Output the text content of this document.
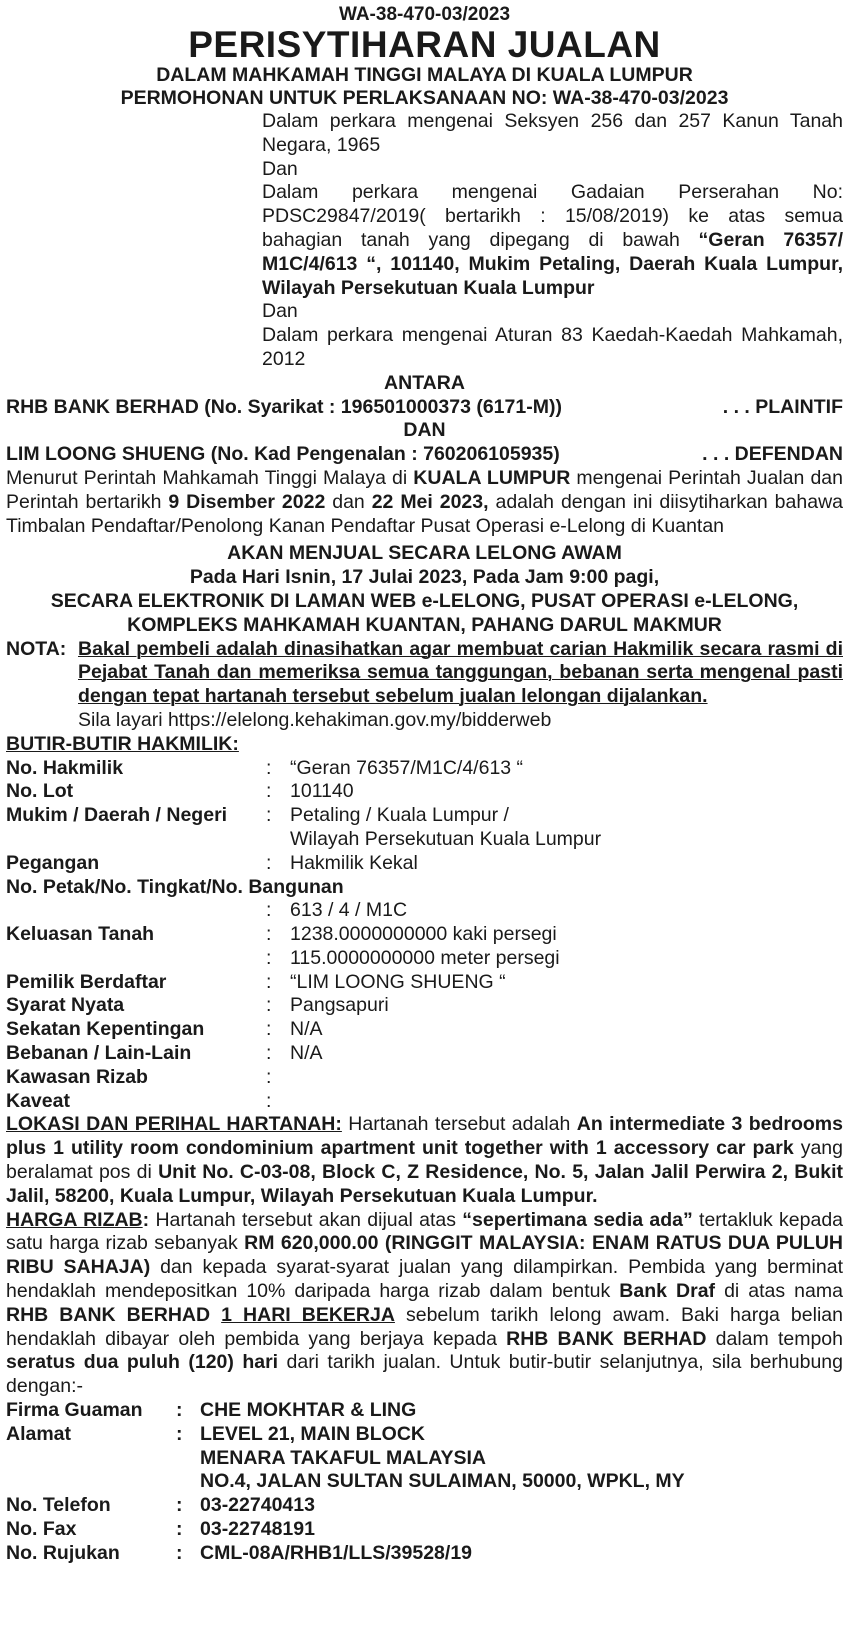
WA-38-470-03/2023
PERISYTIHARAN JUALAN
DALAM MAHKAMAH TINGGI MALAYA DI KUALA LUMPUR
PERMOHONAN UNTUK PERLAKSANAAN NO: WA-38-470-03/2023

Dalam perkara mengenai Seksyen 256 dan 257 Kanun Tanah Negara, 1965

Dan

Dalam perkara mengenai Gadaian Perserahan No: PDSC29847/2019( bertarikh : 15/08/2019) ke atas semua bahagian tanah yang dipegang di bawah “Geran 76357/ M1C/4/613 “, 101140, Mukim Petaling, Daerah Kuala Lumpur, Wilayah Persekutuan Kuala Lumpur

Dan

Dalam perkara mengenai Aturan 83 Kaedah-Kaedah Mahkamah, 2012

ANTARA
RHB BANK BERHAD (No. Syarikat : 196501000373 (6171-M))	. . . PLAINTIF
DAN
LIM LOONG SHUENG (No. Kad Pengenalan : 760206105935)	. . . DEFENDAN

Menurut Perintah Mahkamah Tinggi Malaya di KUALA LUMPUR mengenai Perintah Jualan dan Perintah bertarikh 9 Disember 2022 dan 22 Mei 2023, adalah dengan ini diisytiharkan bahawa Timbalan Pendaftar/Penolong Kanan Pendaftar Pusat Operasi e-Lelong di Kuantan

AKAN MENJUAL SECARA LELONG AWAM
Pada Hari Isnin, 17 Julai 2023, Pada Jam 9:00 pagi,
SECARA ELEKTRONIK DI LAMAN WEB e-LELONG, PUSAT OPERASI e-LELONG,
KOMPLEKS MAHKAMAH KUANTAN, PAHANG DARUL MAKMUR
NOTA: Bakal pembeli adalah dinasihatkan agar membuat carian Hakmilik secara rasmi di Pejabat Tanah dan memeriksa semua tanggungan, bebanan serta mengenal pasti dengan tepat hartanah tersebut sebelum jualan lelongan dijalankan.
Sila layari https://elelong.kehakiman.gov.my/bidderweb
BUTIR-BUTIR HAKMILIK:
No. Hakmilik	: “Geran 76357/M1C/4/613 “
No. Lot	: 101140
Mukim / Daerah / Negeri	: Petaling / Kuala Lumpur /
Wilayah Persekutuan Kuala Lumpur
Pegangan	: Hakmilik Kekal
No. Petak/No. Tingkat/No. Bangunan
: 613 / 4 / M1C
Keluasan Tanah	: 1238.0000000000 kaki persegi
: 115.0000000000 meter persegi
Pemilik Berdaftar	: “LIM LOONG SHUENG “
Syarat Nyata	: Pangsapuri
Sekatan Kepentingan	: N/A
Bebanan / Lain-Lain	: N/A
Kawasan Rizab	:
Kaveat	:

LOKASI DAN PERIHAL HARTANAH: Hartanah tersebut adalah An intermediate 3 bedrooms plus 1 utility room condominium apartment unit together with 1 accessory car park yang beralamat pos di Unit No. C-03-08, Block C, Z Residence, No. 5, Jalan Jalil Perwira 2, Bukit Jalil, 58200, Kuala Lumpur, Wilayah Persekutuan Kuala Lumpur.

HARGA RIZAB: Hartanah tersebut akan dijual atas “sepertimana sedia ada” tertakluk kepada satu harga rizab sebanyak RM 620,000.00 (RINGGIT MALAYSIA: ENAM RATUS DUA PULUH RIBU SAHAJA) dan kepada syarat-syarat jualan yang dilampirkan. Pembida yang berminat hendaklah mendepositkan 10% daripada harga rizab dalam bentuk Bank Draf di atas nama RHB BANK BERHAD 1 HARI BEKERJA sebelum tarikh lelong awam. Baki harga belian hendaklah dibayar oleh pembida yang berjaya kepada RHB BANK BERHAD dalam tempoh seratus dua puluh (120) hari dari tarikh jualan. Untuk butir-butir selanjutnya, sila berhubung dengan:-

Firma Guaman	: CHE MOKHTAR & LING
Alamat	: LEVEL 21, MAIN BLOCK
MENARA TAKAFUL MALAYSIA
NO.4, JALAN SULTAN SULAIMAN, 50000, WPKL, MY
No. Telefon	: 03-22740413
No. Fax	: 03-22748191
No. Rujukan	: CML-08A/RHB1/LLS/39528/19
